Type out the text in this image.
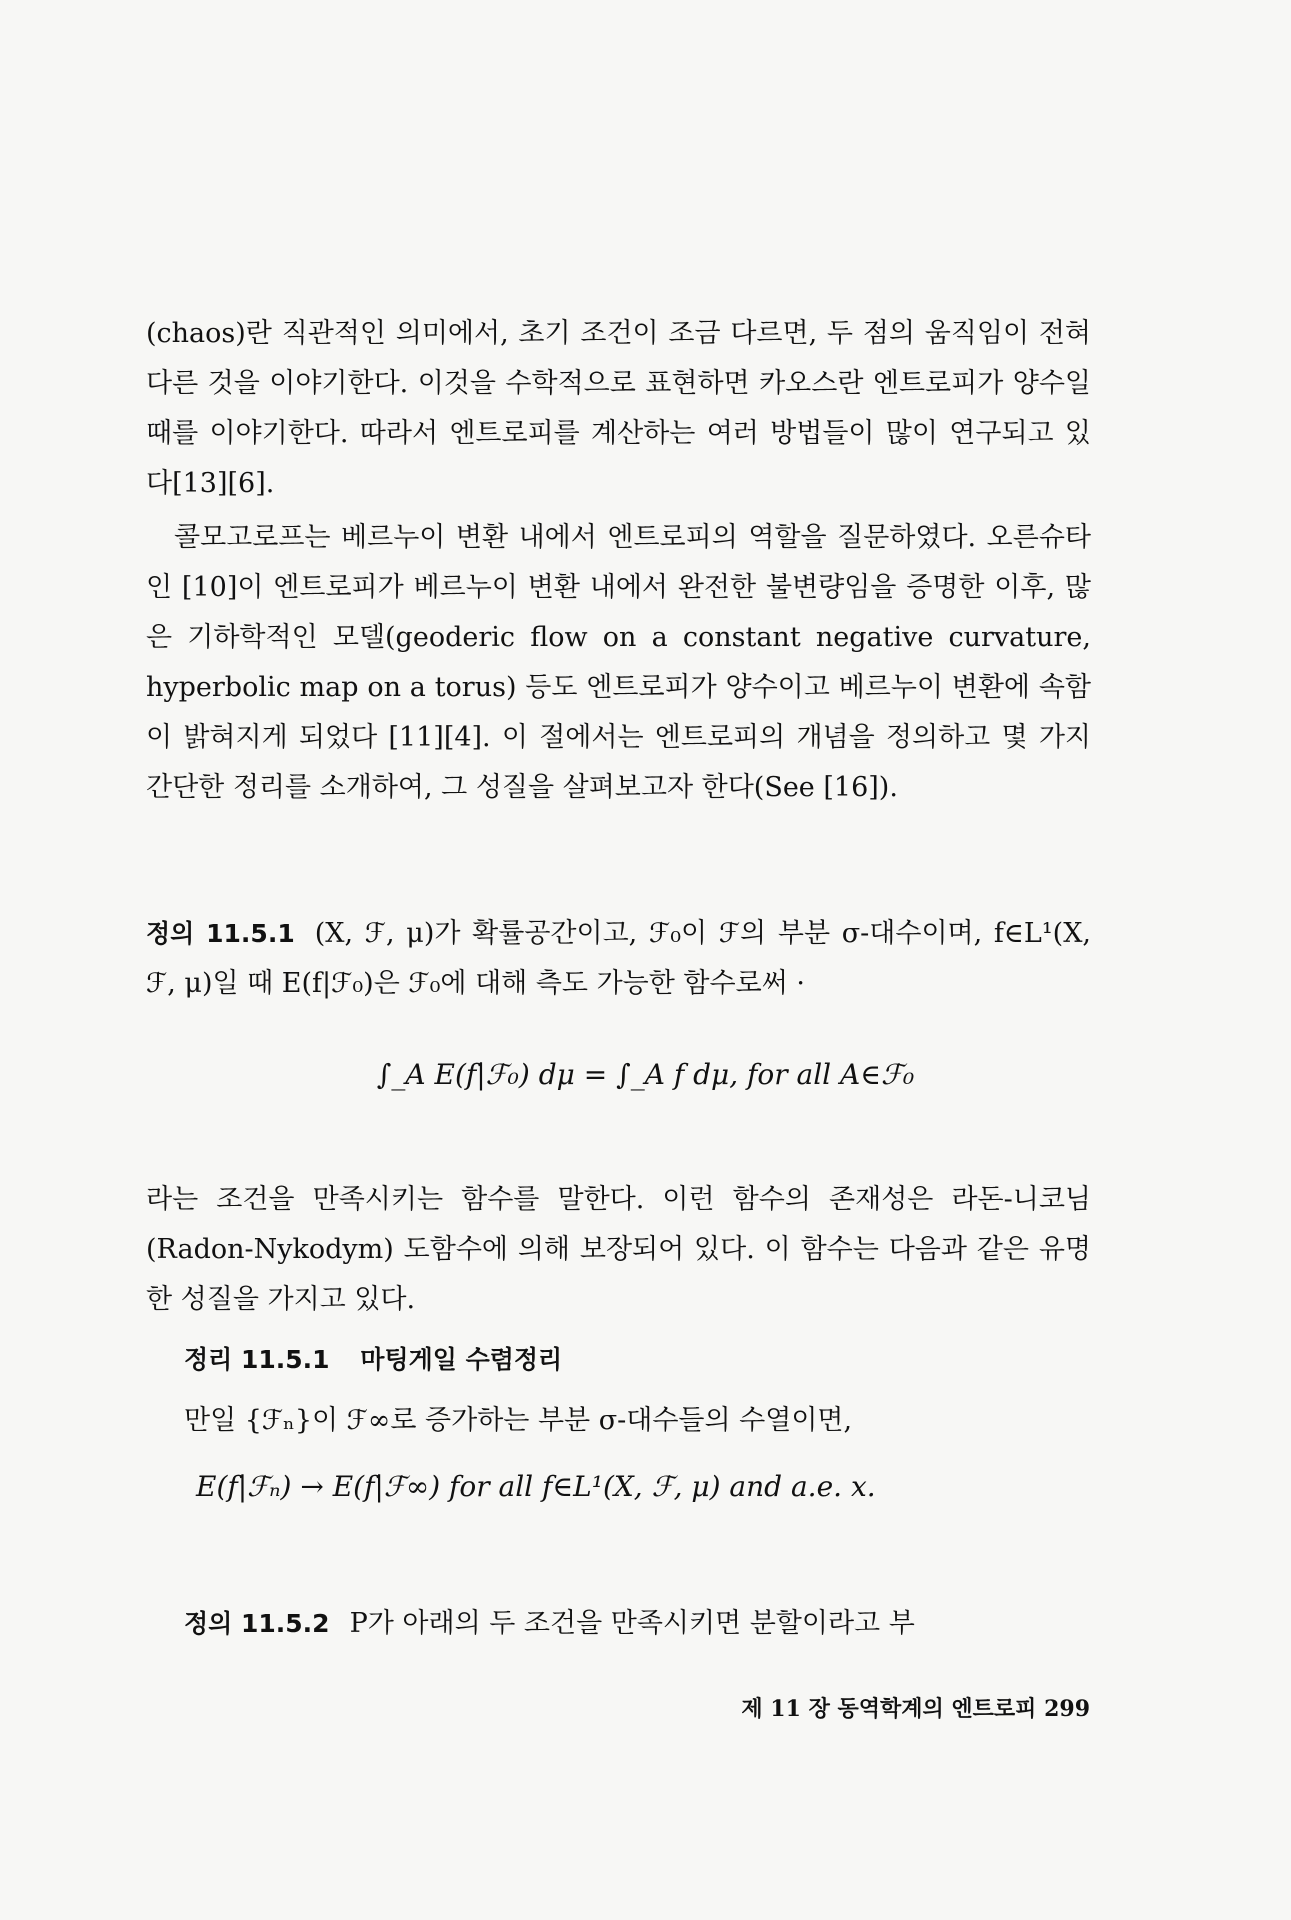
(chaos)란 직관적인 의미에서, 초기 조건이 조금 다르면, 두 점의 움직임이 전혀 다른 것을 이야기한다. 이것을 수학적으로 표현하면 카오스란 엔트로피가 양수일 때를 이야기한다. 따라서 엔트로피를 계산하는 여러 방법들이 많이 연구되고 있다[13][6].

콜모고로프는 베르누이 변환 내에서 엔트로피의 역할을 질문하였다. 오른슈타인 [10]이 엔트로피가 베르누이 변환 내에서 완전한 불변량임을 증명한 이후, 많은 기하학적인 모델(geoderic flow on a constant negative curvature, hyperbolic map on a torus) 등도 엔트로피가 양수이고 베르누이 변환에 속함이 밝혀지게 되었다 [11][4]. 이 절에서는 엔트로피의 개념을 정의하고 몇 가지 간단한 정리를 소개하여, 그 성질을 살펴보고자 한다(See [16]).

정의 11.5.1 (X, ℱ, μ)가 확률공간이고, ℱ₀이 ℱ의 부분 σ-대수이며, f∈L¹(X, ℱ, μ)일 때 E(f|ℱ₀)은 ℱ₀에 대해 측도 가능한 함수로써 ·

∫_A E(f|ℱ₀) dμ = ∫_A f dμ, for all A∈ℱ₀

라는 조건을 만족시키는 함수를 말한다. 이런 함수의 존재성은 라돈-니코님(Radon-Nykodym) 도함수에 의해 보장되어 있다. 이 함수는 다음과 같은 유명한 성질을 가지고 있다.

정리 11.5.1 마팅게일 수렴정리
만일 {ℱₙ}이 ℱ∞로 증가하는 부분 σ-대수들의 수열이면,
E(f|ℱₙ) → E(f|ℱ∞) for all f∈L¹(X, ℱ, μ) and a.e. x.

정의 11.5.2 P가 아래의 두 조건을 만족시키면 분할이라고 부

제 11 장 동역학계의 엔트로피 299
